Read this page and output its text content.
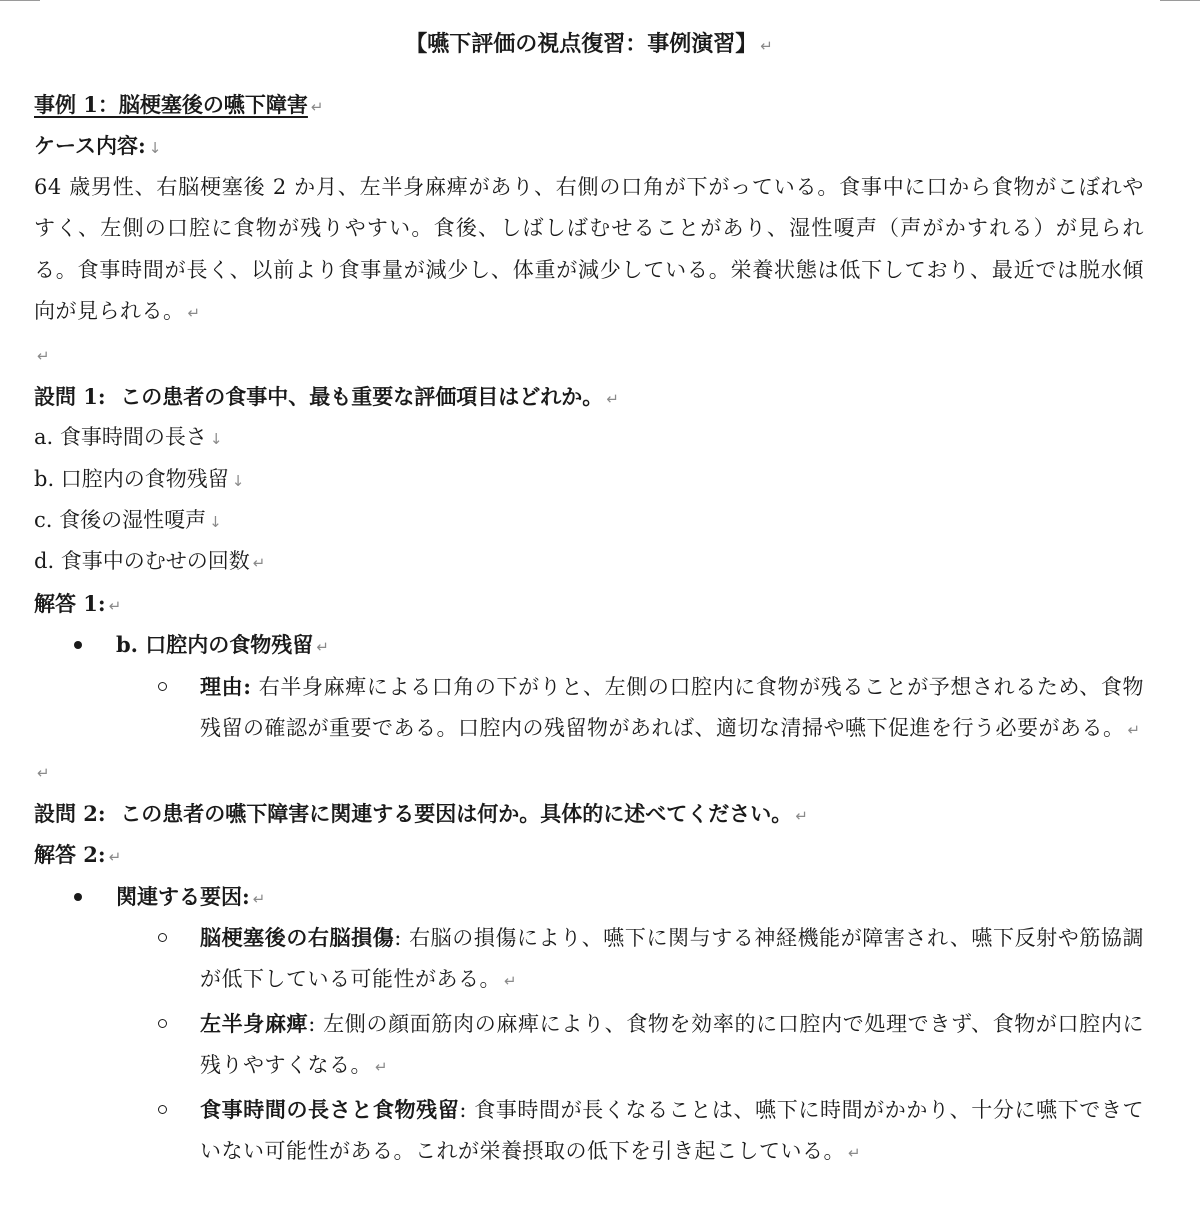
【嚥下評価の視点復習：事例演習】 ↵
事例 1：脳梗塞後の嚥下障害 ↵
ケース内容: ↓
64 歳男性、右脳梗塞後 2 か月、左半身麻痺があり、右側の口角が下がっている。食事中に口から食物がこぼれやすく、左側の口腔に食物が残りやすい。食後、しばしばむせることがあり、湿性嗄声（声がかすれる）が見られる。食事時間が長く、以前より食事量が減少し、体重が減少している。栄養状態は低下しており、最近では脱水傾向が見られる。 ↵
↵
設問 1: この患者の食事中、最も重要な評価項目はどれか。 ↵
a. 食事時間の長さ ↓
b. 口腔内の食物残留 ↓
c. 食後の湿性嗄声 ↓
d. 食事中のむせの回数 ↵
解答 1: ↵
b. 口腔内の食物残留 ↵
理由: 右半身麻痺による口角の下がりと、左側の口腔内に食物が残ることが予想されるため、食物残留の確認が重要である。口腔内の残留物があれば、適切な清掃や嚥下促進を行う必要がある。 ↵
↵
設問 2: この患者の嚥下障害に関連する要因は何か。具体的に述べてください。 ↵
解答 2: ↵
関連する要因: ↵
脳梗塞後の右脳損傷: 右脳の損傷により、嚥下に関与する神経機能が障害され、嚥下反射や筋協調が低下している可能性がある。 ↵
左半身麻痺: 左側の顔面筋肉の麻痺により、食物を効率的に口腔内で処理できず、食物が口腔内に残りやすくなる。 ↵
食事時間の長さと食物残留: 食事時間が長くなることは、嚥下に時間がかかり、十分に嚥下できていない可能性がある。これが栄養摂取の低下を引き起こしている。 ↵
